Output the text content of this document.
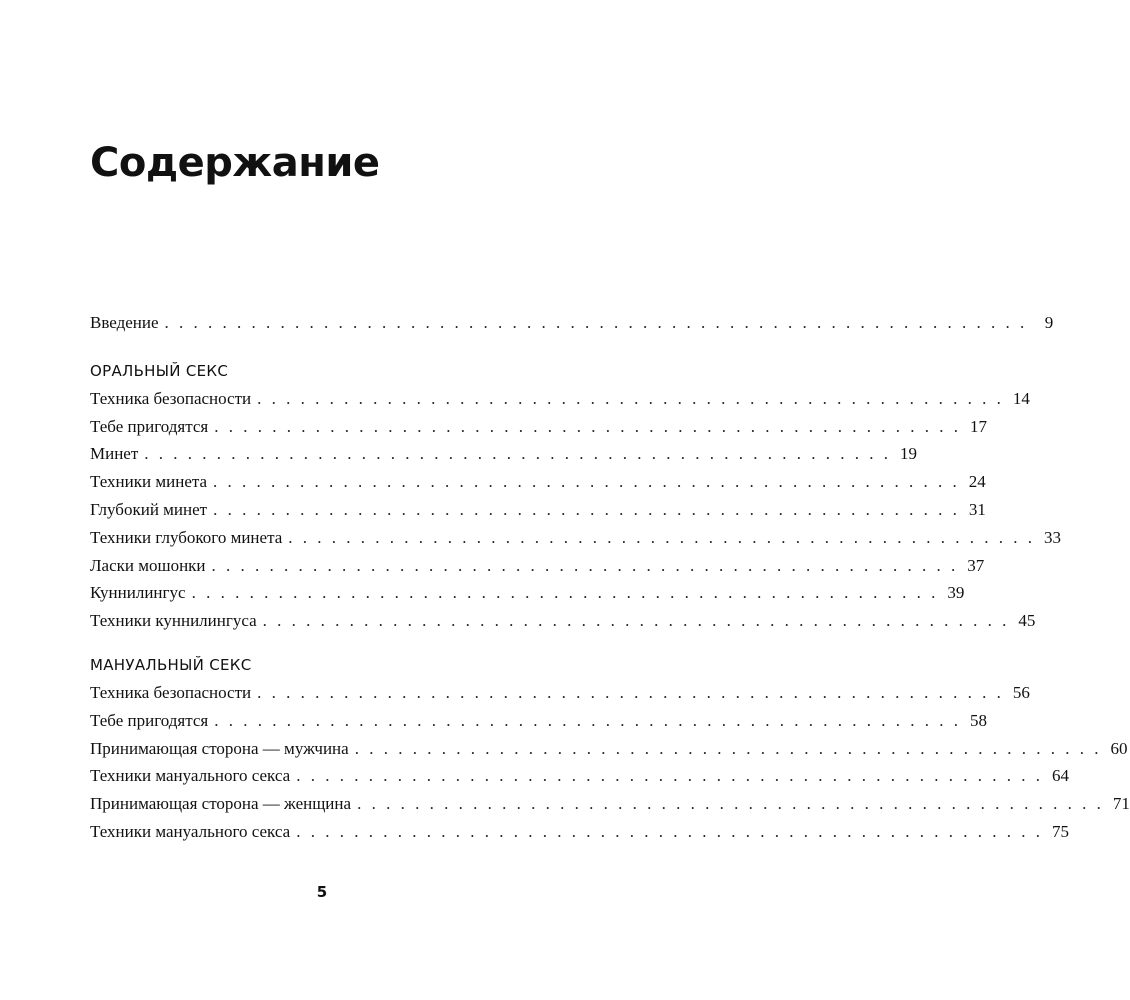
Содержание
Введение . . . . . . . . . . . . . . . . . . . . . . . . . . . . . . . . . . . . . . . . . . . . . . . . . . . . . . . . . . . .	9
ОРАЛЬНЫЙ СЕКС
Техника безопасности . . . . . . . . . . . . . . . . . . . . . . . . . . . . . . . . . . . . . . . . . . . . . . . . . . . . 14
Тебе пригодятся . . . . . . . . . . . . . . . . . . . . . . . . . . . . . . . . . . . . . . . . . . . . . . . . . . . . 17
Минет . . . . . . . . . . . . . . . . . . . . . . . . . . . . . . . . . . . . . . . . . . . . . . . . . . . . 19
Техники минета . . . . . . . . . . . . . . . . . . . . . . . . . . . . . . . . . . . . . . . . . . . . . . . . . . . . 24
Глубокий минет . . . . . . . . . . . . . . . . . . . . . . . . . . . . . . . . . . . . . . . . . . . . . . . . . . . . 31
Техники глубокого минета . . . . . . . . . . . . . . . . . . . . . . . . . . . . . . . . . . . . . . . . . . . . . . . . . . . . 33
Ласки мошонки . . . . . . . . . . . . . . . . . . . . . . . . . . . . . . . . . . . . . . . . . . . . . . . . . . . . 37
Куннилингус . . . . . . . . . . . . . . . . . . . . . . . . . . . . . . . . . . . . . . . . . . . . . . . . . . . . 39
Техники куннилингуса . . . . . . . . . . . . . . . . . . . . . . . . . . . . . . . . . . . . . . . . . . . . . . . . . . . . 45
МАНУАЛЬНЫЙ СЕКС
Техника безопасности . . . . . . . . . . . . . . . . . . . . . . . . . . . . . . . . . . . . . . . . . . . . . . . . . . . . 56
Тебе пригодятся . . . . . . . . . . . . . . . . . . . . . . . . . . . . . . . . . . . . . . . . . . . . . . . . . . . . 58
Принимающая сторона — мужчина . . . . . . . . . . . . . . . . . . . . . . . . . . . . . . . . . . . . . . . . . . . . . . . . . . . . 60
Техники мануального секса . . . . . . . . . . . . . . . . . . . . . . . . . . . . . . . . . . . . . . . . . . . . . . . . . . . . 64
Принимающая сторона — женщина . . . . . . . . . . . . . . . . . . . . . . . . . . . . . . . . . . . . . . . . . . . . . . . . . . . . 71
Техники мануального секса . . . . . . . . . . . . . . . . . . . . . . . . . . . . . . . . . . . . . . . . . . . . . . . . . . . . 75
5
